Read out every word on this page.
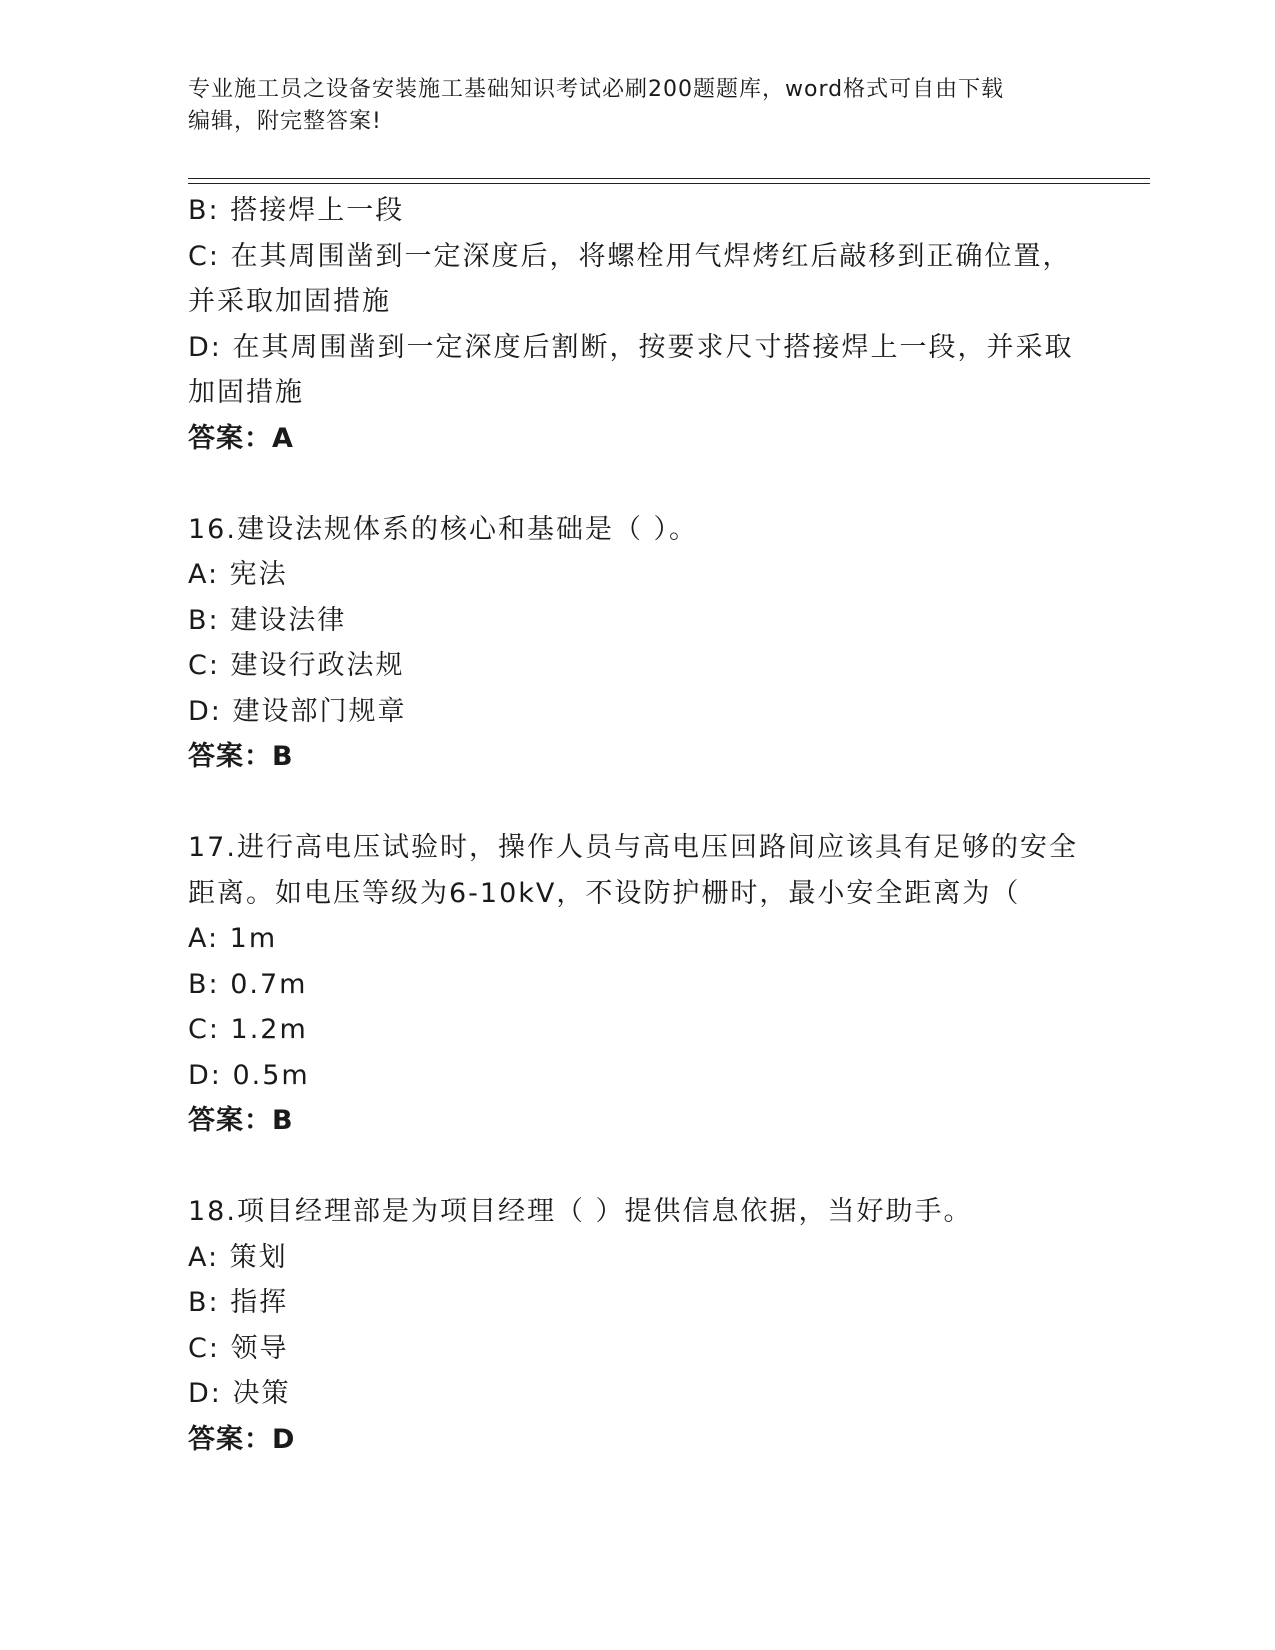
专业施工员之设备安装施工基础知识考试必刷200题题库，word格式可自由下载
编辑，附完整答案!
B: 搭接焊上一段
C: 在其周围凿到一定深度后，将螺栓用气焊烤红后敲移到正确位置，
并采取加固措施
D: 在其周围凿到一定深度后割断，按要求尺寸搭接焊上一段，并采取
加固措施
答案：A
16.建设法规体系的核心和基础是（ ）。
A: 宪法
B: 建设法律
C: 建设行政法规
D: 建设部门规章
答案：B
17.进行高电压试验时，操作人员与高电压回路间应该具有足够的安全
距离。如电压等级为6-10kV，不设防护栅时，最小安全距离为（
A: 1m
B: 0.7m
C: 1.2m
D: 0.5m
答案：B
18.项目经理部是为项目经理（ ）提供信息依据，当好助手。
A: 策划
B: 指挥
C: 领导
D: 决策
答案：D
